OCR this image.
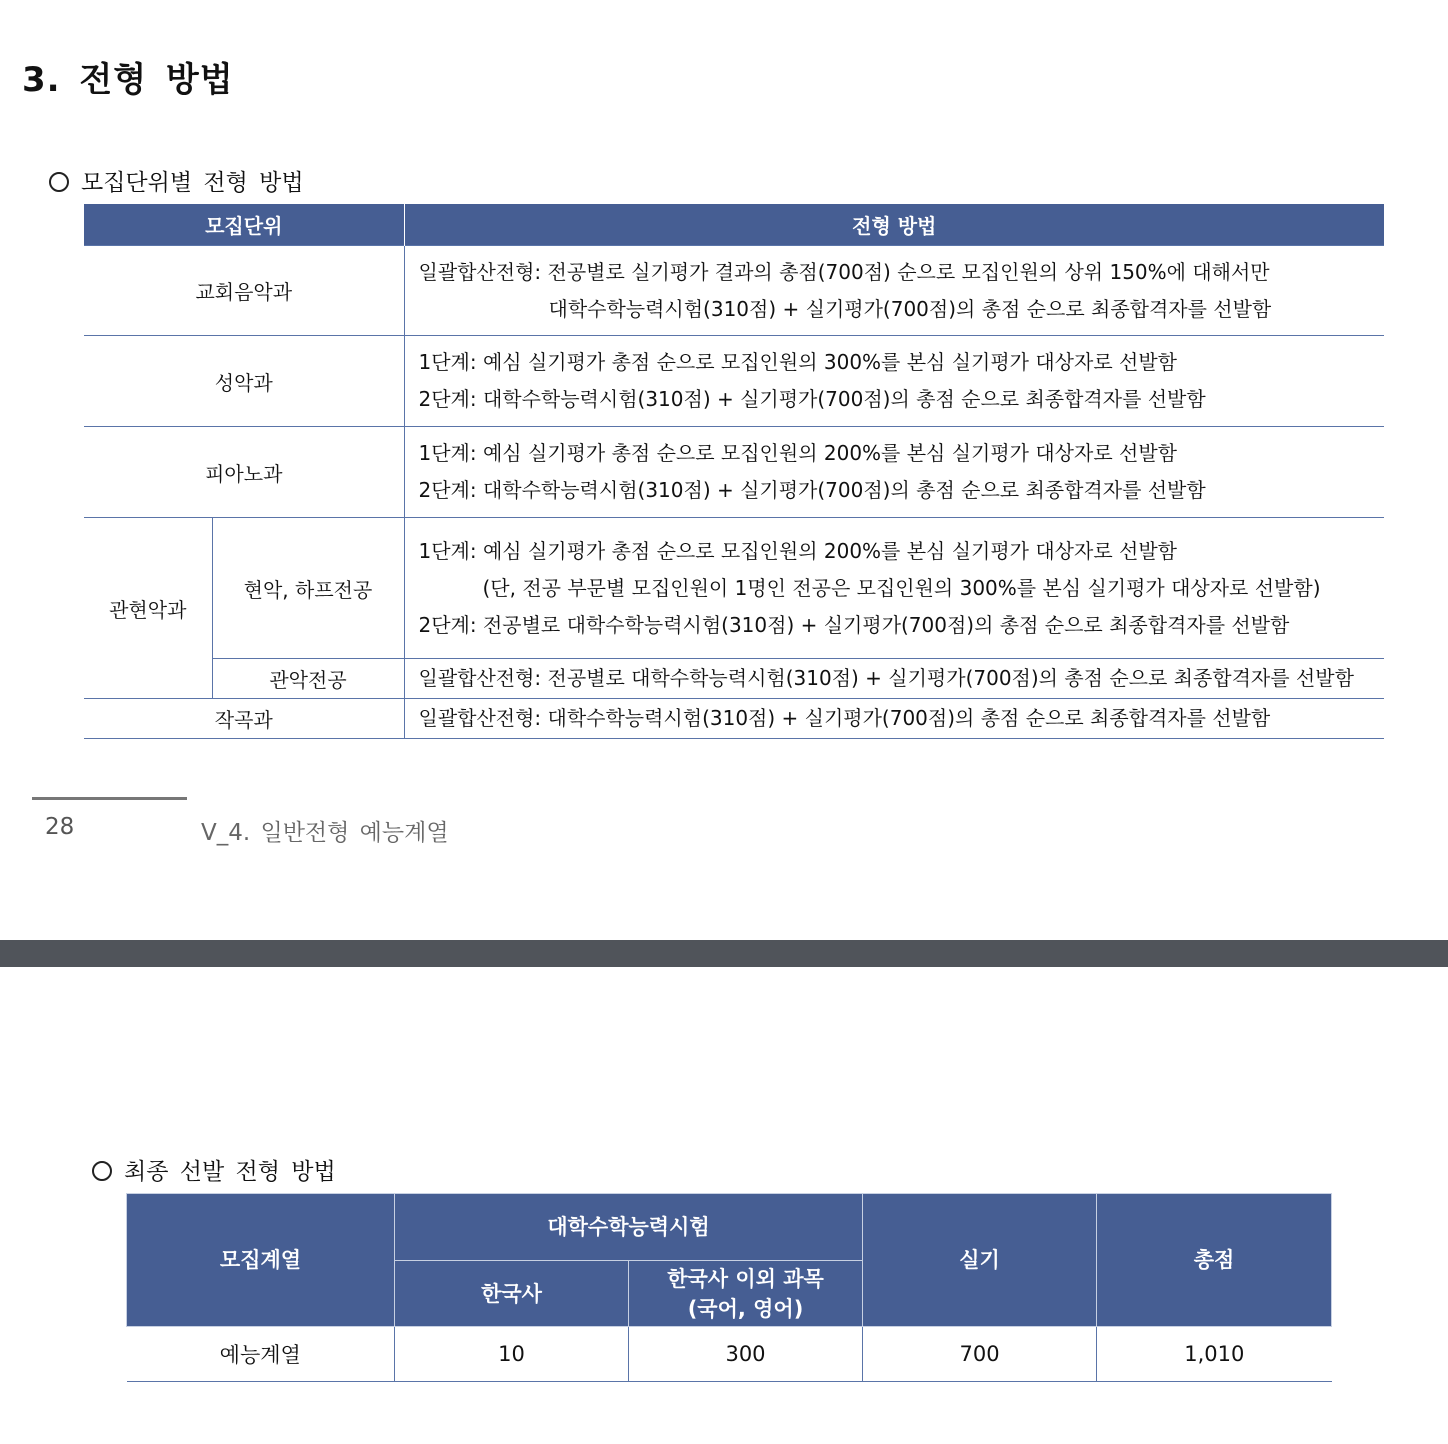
3. 전형 방법
모집단위별 전형 방법
모집단위		전형 방법
교회음악과		일괄합산전형: 전공별로 실기평가 결과의 총점(700점) 순으로 모집인원의 상위 150%에 대해서만
대학수학능력시험(310점) + 실기평가(700점)의 총점 순으로 최종합격자를 선발함

성악과		1단계: 예심 실기평가 총점 순으로 모집인원의 300%를 본심 실기평가 대상자로 선발함
2단계: 대학수학능력시험(310점) + 실기평가(700점)의 총점 순으로 최종합격자를 선발함

피아노과		1단계: 예심 실기평가 총점 순으로 모집인원의 200%를 본심 실기평가 대상자로 선발함
2단계: 대학수학능력시험(310점) + 실기평가(700점)의 총점 순으로 최종합격자를 선발함

관현악과	현악, 하프전공	1단계: 예심 실기평가 총점 순으로 모집인원의 200%를 본심 실기평가 대상자로 선발함
(단, 전공 부문별 모집인원이 1명인 전공은 모집인원의 300%를 본심 실기평가 대상자로 선발함)
2단계: 전공별로 대학수학능력시험(310점) + 실기평가(700점)의 총점 순으로 최종합격자를 선발함

	관악전공	일괄합산전형: 전공별로 대학수학능력시험(310점) + 실기평가(700점)의 총점 순으로 최종합격자를 선발함

작곡과		일괄합산전형: 대학수학능력시험(310점) + 실기평가(700점)의 총점 순으로 최종합격자를 선발함
28	Ⅴ_4. 일반전형 예능계열
최종 선발 전형 방법
모집계열	대학수학능력시험		실기	총점
	한국사	한국사 이외 과목
(국어, 영어)		

예능계열	10	300	700	1,010
